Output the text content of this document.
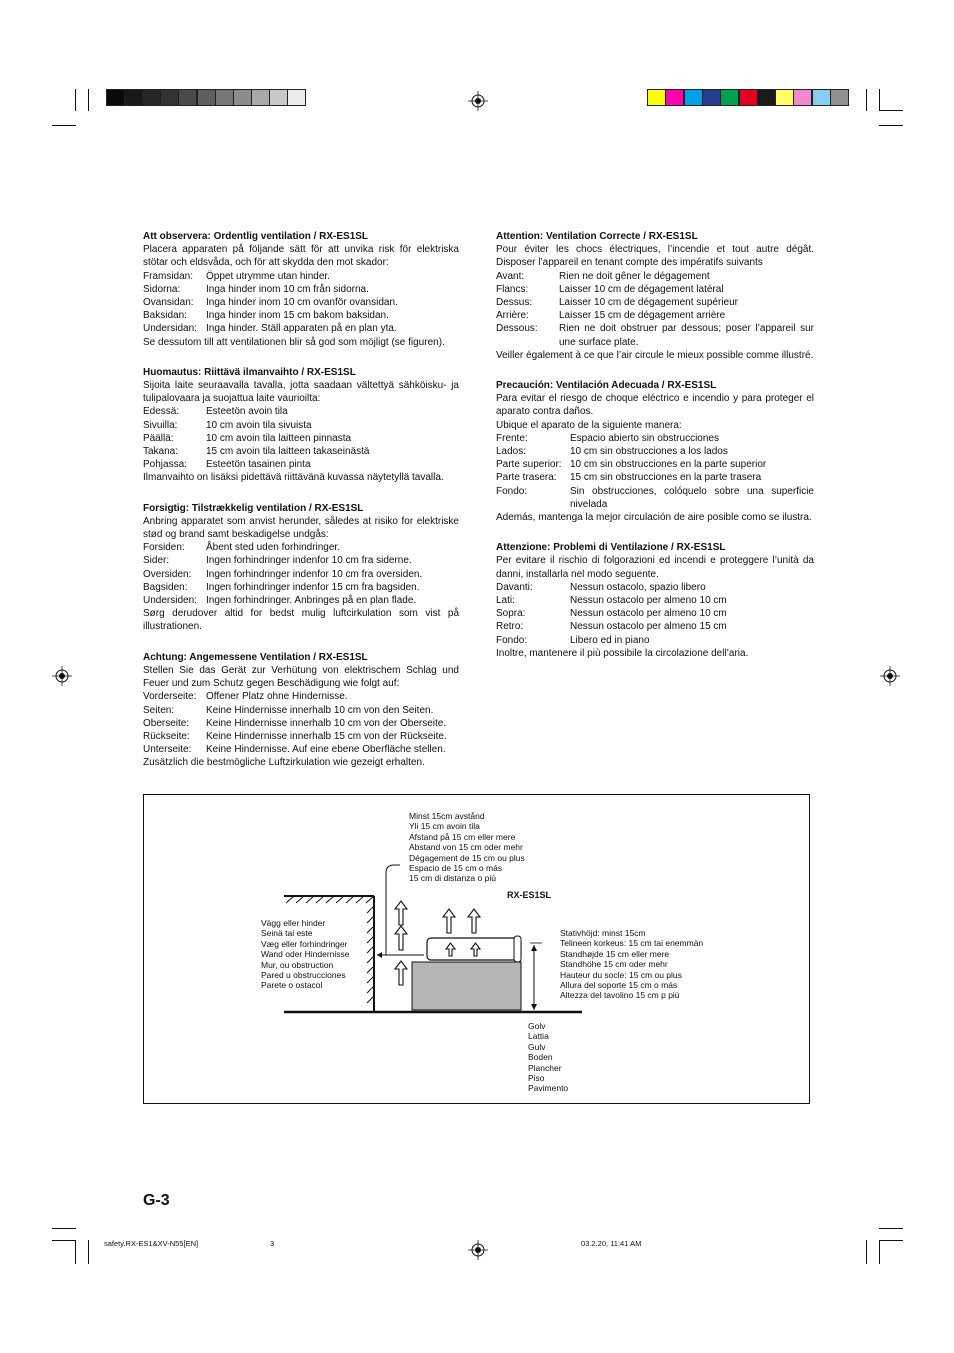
Att observera: Ordentlig ventilation / RX-ES1SL
Placera apparaten på följande sätt för att unvika risk för elektriska stötar och eldsvåda, och för att skydda den mot skador:
Framsidan:	Öppet utrymme utan hinder.
Sidorna:	Inga hinder inom 10 cm från sidorna.
Ovansidan:	Inga hinder inom 10 cm ovanför ovansidan.
Baksidan:	Inga hinder inom 15 cm bakom baksidan.
Undersidan: Inga hinder. Ställ apparaten på en plan yta.
Se dessutom till att ventilationen blir så god som möjligt (se figuren).
Huomautus: Riittävä ilmanvaihto / RX-ES1SL
Sijoita laite seuraavalla tavalla, jotta saadaan vältettyä sähköisku- ja tulipalovaara ja suojattua laite vaurioilta:
Edessä:	Esteetön avoin tila
Sivuilla:	10 cm avoin tila sivuista
Päällä:	10 cm avoin tila laitteen pinnasta
Takana:	15 cm avoin tila laitteen takaseinästä
Pohjassa:	Esteetön tasainen pinta
Ilmanvaihto on lisäksi pidettävä riittävänä kuvassa näytetyllä tavalla.
Forsigtig: Tilstrækkelig ventilation / RX-ES1SL
Anbring apparatet som anvist herunder, således at risiko for elektriske stød og brand samt beskadigelse undgås:
Forsiden:	Åbent sted uden forhindringer.
Sider:	Ingen forhindringer indenfor 10 cm fra siderne.
Oversiden:	Ingen forhindringer indenfor 10 cm fra oversiden.
Bagsiden:	Ingen forhindringer indenfor 15 cm fra bagsiden.
Undersiden: Ingen forhindringer. Anbringes på en plan flade.
Sørg derudover altid for bedst mulig luftcirkulation som vist på illustrationen.
Achtung: Angemessene Ventilation / RX-ES1SL
Stellen Sie das Gerät zur Verhütung von elektrischem Schlag und Feuer und zum Schutz gegen Beschädigung wie folgt auf:
Vorderseite: Offener Platz ohne Hindernisse.
Seiten:	Keine Hindernisse innerhalb 10 cm von den Seiten.
Oberseite:	Keine Hindernisse innerhalb 10 cm von der Oberseite.
Rückseite:	Keine Hindernisse innerhalb 15 cm von der Rückseite.
Unterseite:	Keine Hindernisse. Auf eine ebene Oberfläche stellen.
Zusätzlich die bestmögliche Luftzirkulation wie gezeigt erhalten.
Attention: Ventilation Correcte / RX-ES1SL
Pour éviter les chocs électriques, l’incendie et tout autre dégât. Disposer l’appareil en tenant compte des impératifs suivants
Avant:	Rien ne doit gêner le dégagement
Flancs:	Laisser 10 cm de dégagement latéral
Dessus:	Laisser 10 cm de dégagement supérieur
Arrière:	Laisser 15 cm de dégagement arrière
Dessous:	Rien ne doit obstruer par dessous; poser l’appareil sur une surface plate.
Veiller également à ce que l’air circule le mieux possible comme illustré.
Precaución: Ventilación Adecuada / RX-ES1SL
Para evitar el riesgo de choque eléctrico e incendio y para proteger el aparato contra daños.
Ubique el aparato de la siguiente manera:
Frente:	Espacio abierto sin obstrucciones
Lados:	10 cm sin obstrucciones a los lados
Parte superior: 10 cm sin obstrucciones en la parte superior
Parte trasera:	15 cm sin obstrucciones en la parte trasera
Fondo:	Sin obstrucciones, colóquelo sobre una superficie nivelada
Además, mantenga la mejor circulación de aire posible como se ilustra.
Attenzione: Problemi di Ventilazione / RX-ES1SL
Per evitare il rischio di folgorazioni ed incendi e proteggere l’unità da danni, installarla nel modo seguente.
Davanti:	Nessun ostacolo, spazio libero
Lati:	Nessun ostacolo per almeno 10 cm
Sopra:	Nessun ostacolo per almeno 10 cm
Retro:	Nessun ostacolo per almeno 15 cm
Fondo:	Libero ed in piano
Inoltre, mantenere il più possibile la circolazione dell’aria.
Minst 15cm avstånd
Yli 15 cm avoin tila
Afstand på 15 cm eller mere
Abstand von 15 cm oder mehr
Dégagement de 15 cm ou plus
Espacio de 15 cm o más
15 cm di distanza o più
RX-ES1SL
Vägg eller hinder
Seinä tai este
Væg eller forhindringer
Wand oder Hindernisse
Mur, ou obstruction
Pared u obstrucciones
Parete o ostacol
Stativhöjd: minst 15cm
Telineen korkeus: 15 cm tai enemmän
Standhøjde 15 cm eller mere
Standhöhe 15 cm oder mehr
Hauteur du socle: 15 cm ou plus
Allura del soporte 15 cm o más
Altezza del tavolino 15 cm p più
Golv
Lattia
Gulv
Boden
Plancher
Piso
Pavimento
G-3
safety.RX-ES1&XV-N55[EN]	3	03.2.20, 11:41 AM
